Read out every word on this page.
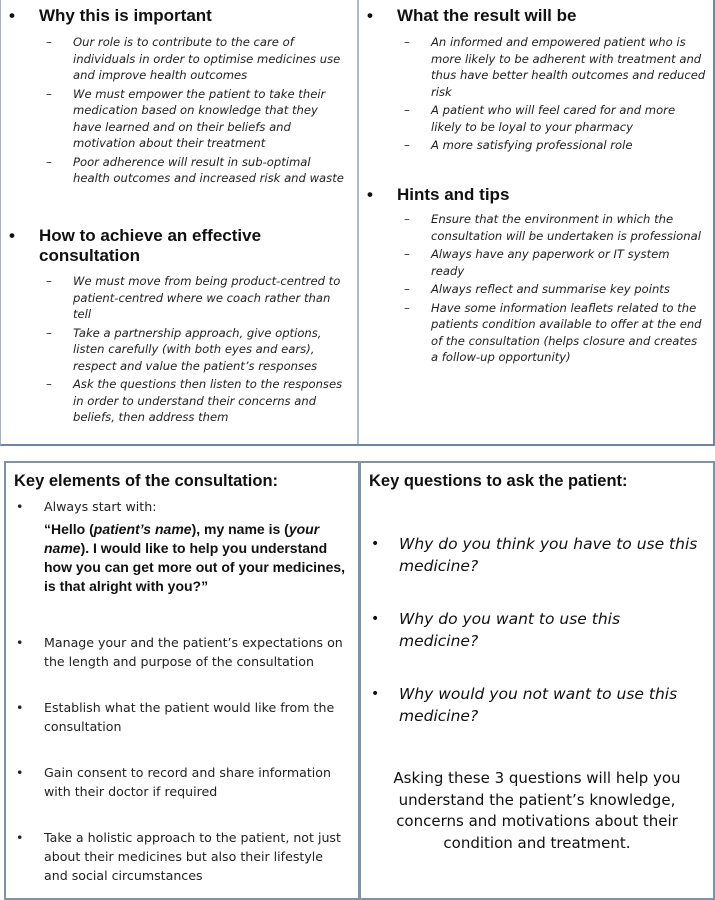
• Why this is important
– Our role is to contribute to the care of individuals in order to optimise medicines use and improve health outcomes
– We must empower the patient to take their medication based on knowledge that they have learned and on their beliefs and motivation about their treatment
– Poor adherence will result in sub-optimal health outcomes and increased risk and waste
• How to achieve an effective consultation
– We must move from being product-centred to patient-centred where we coach rather than tell
– Take a partnership approach, give options, listen carefully (with both eyes and ears), respect and value the patient’s responses
– Ask the questions then listen to the responses in order to understand their concerns and beliefs, then address them
• What the result will be
– An informed and empowered patient who is more likely to be adherent with treatment and thus have better health outcomes and reduced risk
– A patient who will feel cared for and more likely to be loyal to your pharmacy
– A more satisfying professional role
• Hints and tips
– Ensure that the environment in which the consultation will be undertaken is professional
– Always have any paperwork or IT system ready
– Always reflect and summarise key points
– Have some information leaflets related to the patients condition available to offer at the end of the consultation (helps closure and creates a follow-up opportunity)
Key elements of the consultation:
• Always start with:
“Hello (patient’s name), my name is (your name). I would like to help you understand how you can get more out of your medicines, is that alright with you?”
• Manage your and the patient’s expectations on the length and purpose of the consultation
• Establish what the patient would like from the consultation
• Gain consent to record and share information with their doctor if required
• Take a holistic approach to the patient, not just about their medicines but also their lifestyle and social circumstances
Key questions to ask the patient:
• Why do you think you have to use this medicine?
• Why do you want to use this medicine?
• Why would you not want to use this medicine?
Asking these 3 questions will help you understand the patient’s knowledge, concerns and motivations about their condition and treatment.
